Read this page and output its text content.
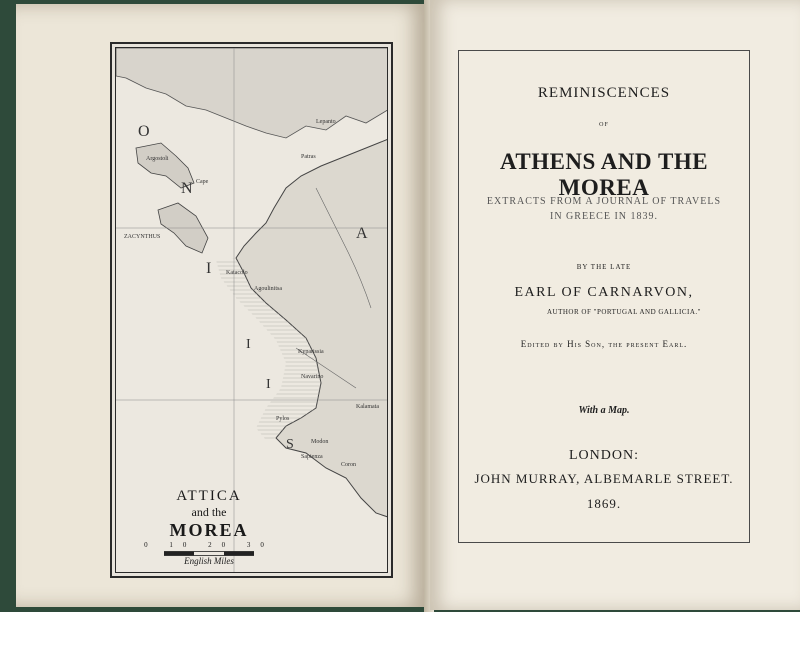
O
N
I
A
I
I
S
ZACYNTHUS
Cape
Katacolo
Agoulinitsa
Kyparissia
Navarino
Modon
Sapienza
Pylos
Coron
Kalamata
Lepanto
Patras
Argostoli
ATTICA
and the
MOREA
0 10 20 30
English Miles
REMINISCENCES
OF
ATHENS AND THE MOREA
EXTRACTS FROM A JOURNAL OF TRAVELS
IN GREECE IN 1839.
BY THE LATE
EARL OF CARNARVON,
AUTHOR OF "PORTUGAL AND GALLICIA."
Edited by His Son, the present Earl.
With a Map.
LONDON:
JOHN MURRAY, ALBEMARLE STREET.
1869.
